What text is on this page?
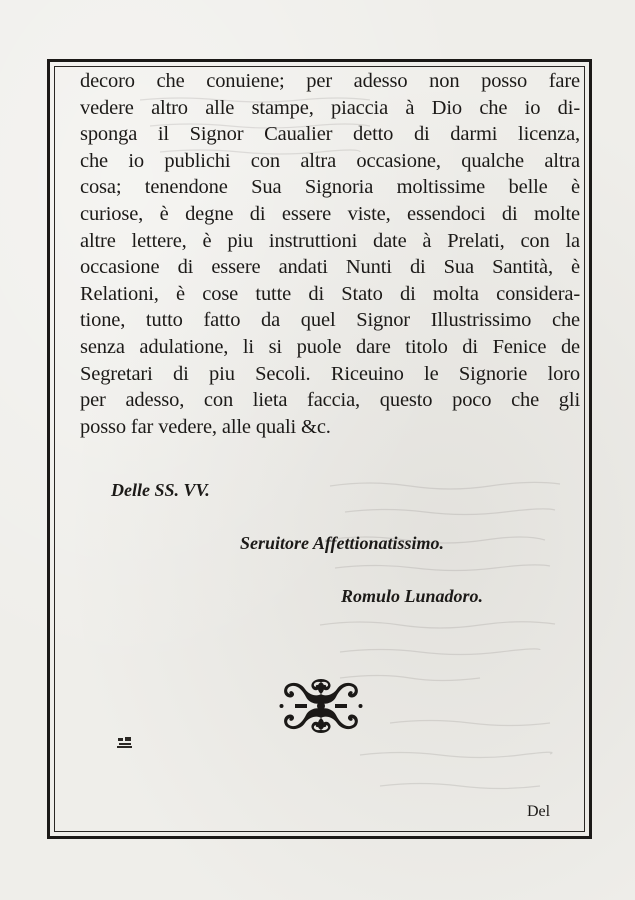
decoro che conuiene; per adesso non posso fare
vedere altro alle stampe, piaccia à Dio che io di-
sponga il Signor Caualier detto di darmi licenza,
che io publichi con altra occasione, qualche altra
cosa; tenendone Sua Signoria moltissime belle è
curiose, è degne di essere viste, essendoci di molte
altre lettere, è piu instruttioni date à Prelati, con la
occasione di essere andati Nunti di Sua Santità, è
Relationi, è cose tutte di Stato di molta considera-
tione, tutto fatto da quel Signor Illustrissimo che
senza adulatione, li si puole dare titolo di Fenice de
Segretari di piu Secoli. Riceuino le Signorie loro
per adesso, con lieta faccia, questo poco che gli
posso far vedere, alle quali &c.
Delle SS. VV.
Seruitore Affettionatissimo.
Romulo Lunadoro.
Del
